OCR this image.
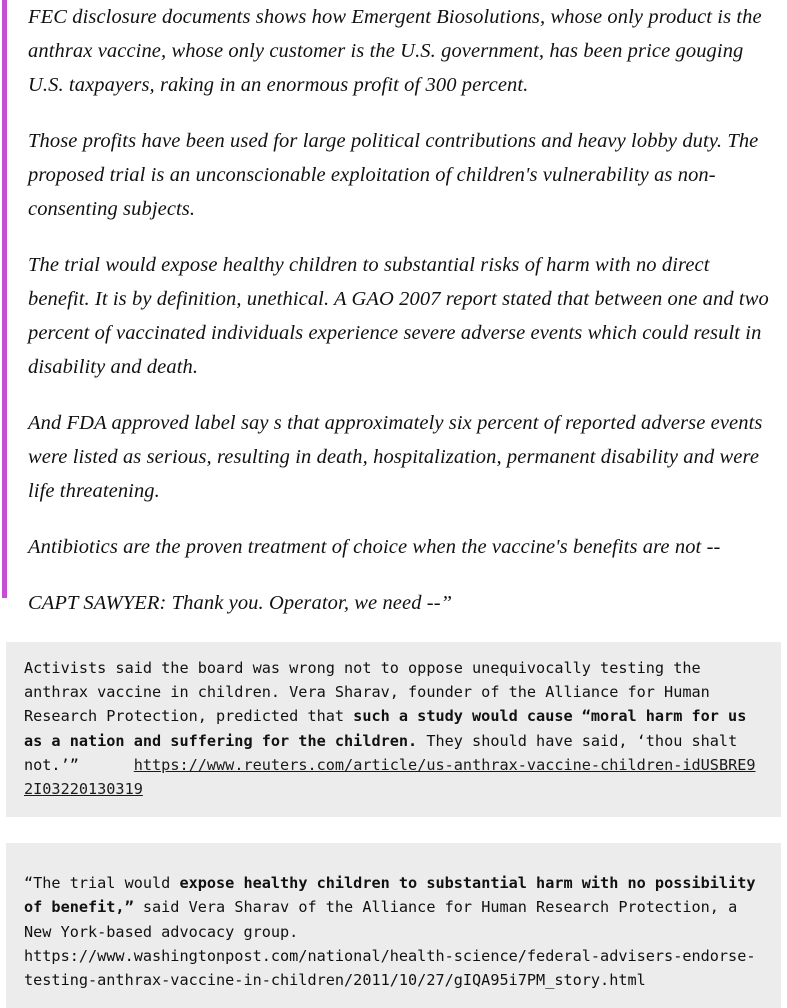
FEC disclosure documents shows how Emergent Biosolutions, whose only product is the anthrax vaccine, whose only customer is the U.S. government, has been price gouging U.S. taxpayers, raking in an enormous profit of 300 percent.

Those profits have been used for large political contributions and heavy lobby duty. The proposed trial is an unconscionable exploitation of children's vulnerability as non-consenting subjects.

The trial would expose healthy children to substantial risks of harm with no direct benefit. It is by definition, unethical. A GAO 2007 report stated that between one and two percent of vaccinated individuals experience severe adverse events which could result in disability and death.

And FDA approved label say s that approximately six percent of reported adverse events were listed as serious, resulting in death, hospitalization, permanent disability and were life threatening.

Antibiotics are the proven treatment of choice when the vaccine's benefits are not --

CAPT SAWYER: Thank you. Operator, we need --”

Activists said the board was wrong not to oppose unequivocally testing the anthrax vaccine in children. Vera Sharav, founder of the Alliance for Human Research Protection, predicted that such a study would cause “moral harm for us as a nation and suffering for the children. They should have said, ‘thou shalt not.’”	https://www.reuters.com/article/us-anthrax-vaccine-children-idUSBRE92I03220130319

“The trial would expose healthy children to substantial harm with no possibility of benefit,” said Vera Sharav of the Alliance for Human Research Protection, a New York-based advocacy group.

https://www.washingtonpost.com/national/health-science/federal-advisers-endorse-testing-anthrax-vaccine-in-children/2011/10/27/gIQA95i7PM_story.html
